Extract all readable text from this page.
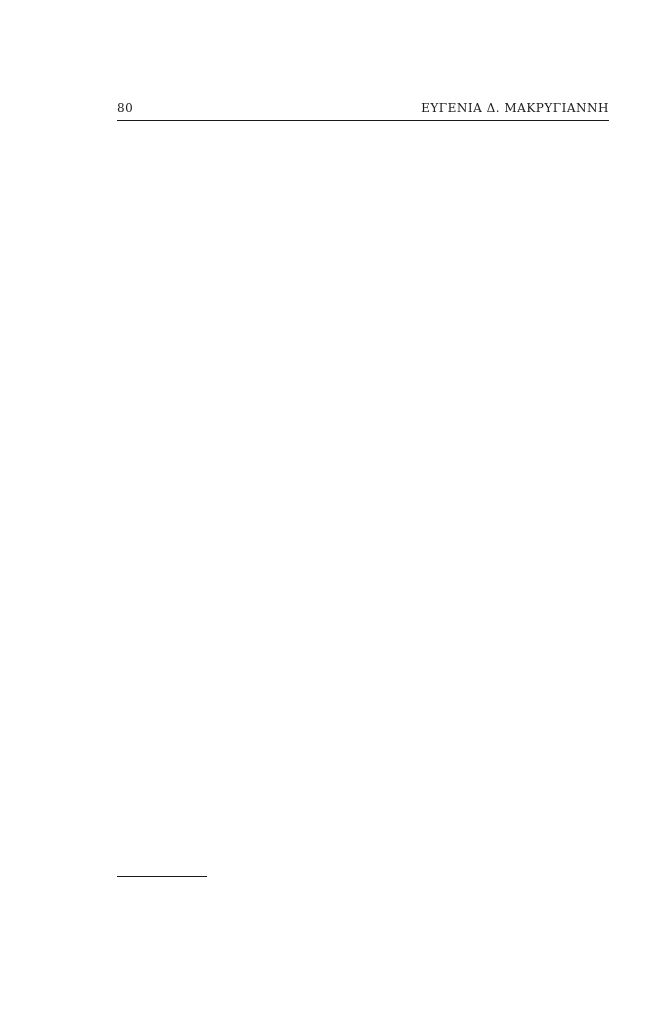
80	ΕΥΓΕΝΙΑ Δ. ΜΑΚΡΥΓΙΑΝΝΗ
